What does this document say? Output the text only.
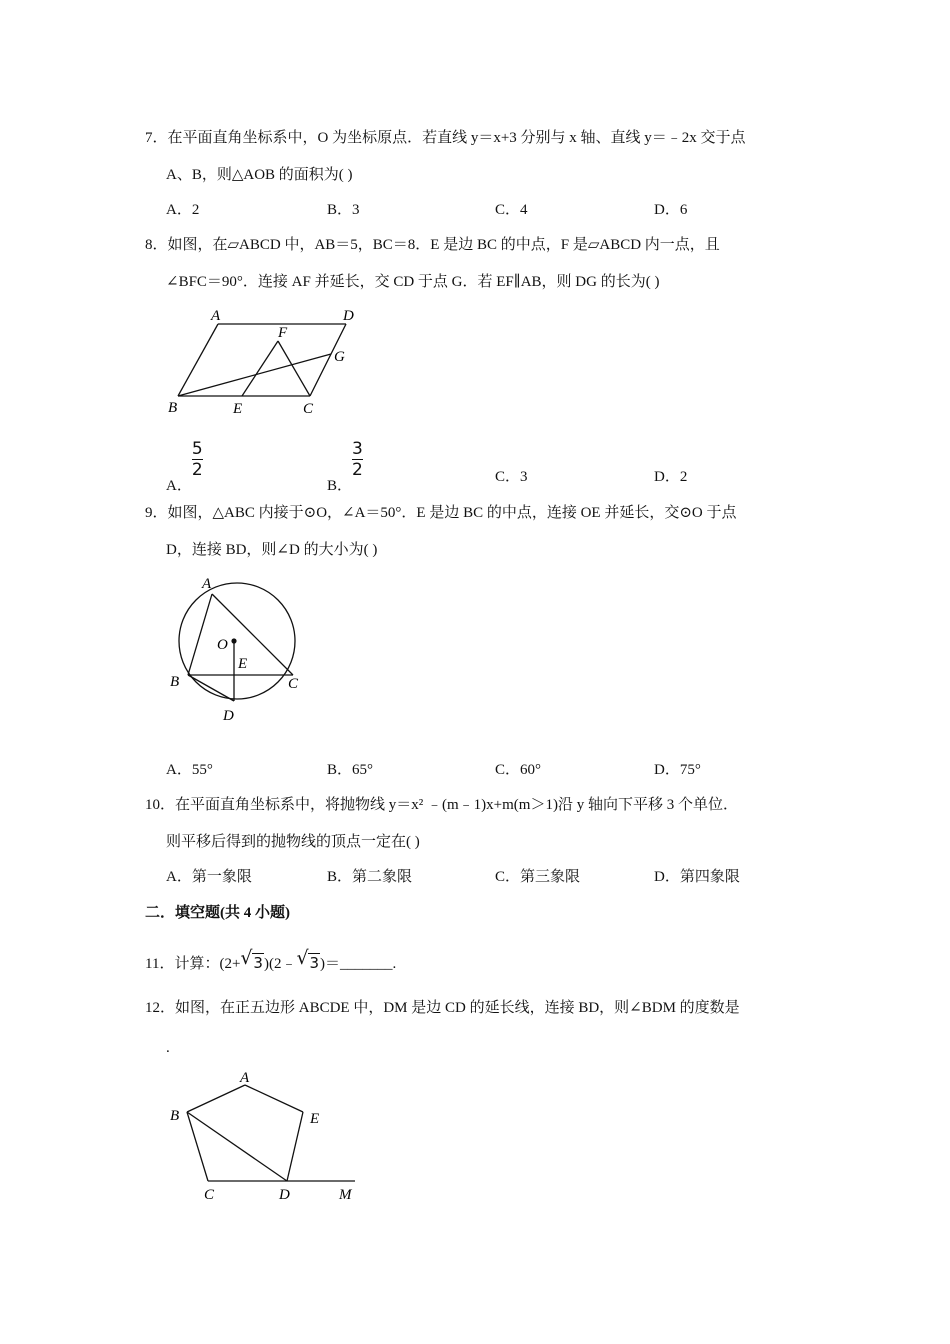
7．在平面直角坐标系中，O 为坐标原点．若直线 y＝x+3 分别与 x 轴、直线 y＝﹣2x 交于点
A、B，则△AOB 的面积为( )
A．2	B．3	C．4	D．6
8．如图，在▱ABCD 中，AB＝5，BC＝8．E 是边 BC 的中点，F 是▱ABCD 内一点，且
∠BFC＝90°．连接 AF 并延长，交 CD 于点 G．若 EF∥AB，则 DG 的长为( )
A	D
F
G
B	E	C
A．
$\frac{5}{2}$
B．
$\frac{3}{2}$	C．3	D．2
9．如图，△ABC 内接于⊙O，∠A＝50°．E 是边 BC 的中点，连接 OE 并延长，交⊙O 于点
D，连接 BD，则∠D 的大小为( )
A
O
E
B	C
D
A．55°	B．65°	C．60°	D．75°
10．在平面直角坐标系中，将抛物线 y＝x² ﹣(m﹣1)x+m(m＞1)沿 y 轴向下平移 3 个单位．
则平移后得到的抛物线的顶点一定在( )
A．第一象限	B．第二象限	C．第三象限	D．第四象限
二．填空题(共 4 小题)
11．计算：(2+ √ 3)(2﹣ √ 3)＝_______.
12．如图，在正五边形 ABCDE 中，DM 是边 CD 的延长线，连接 BD，则∠BDM 的度数是
.
A
B	E
C	D	M
